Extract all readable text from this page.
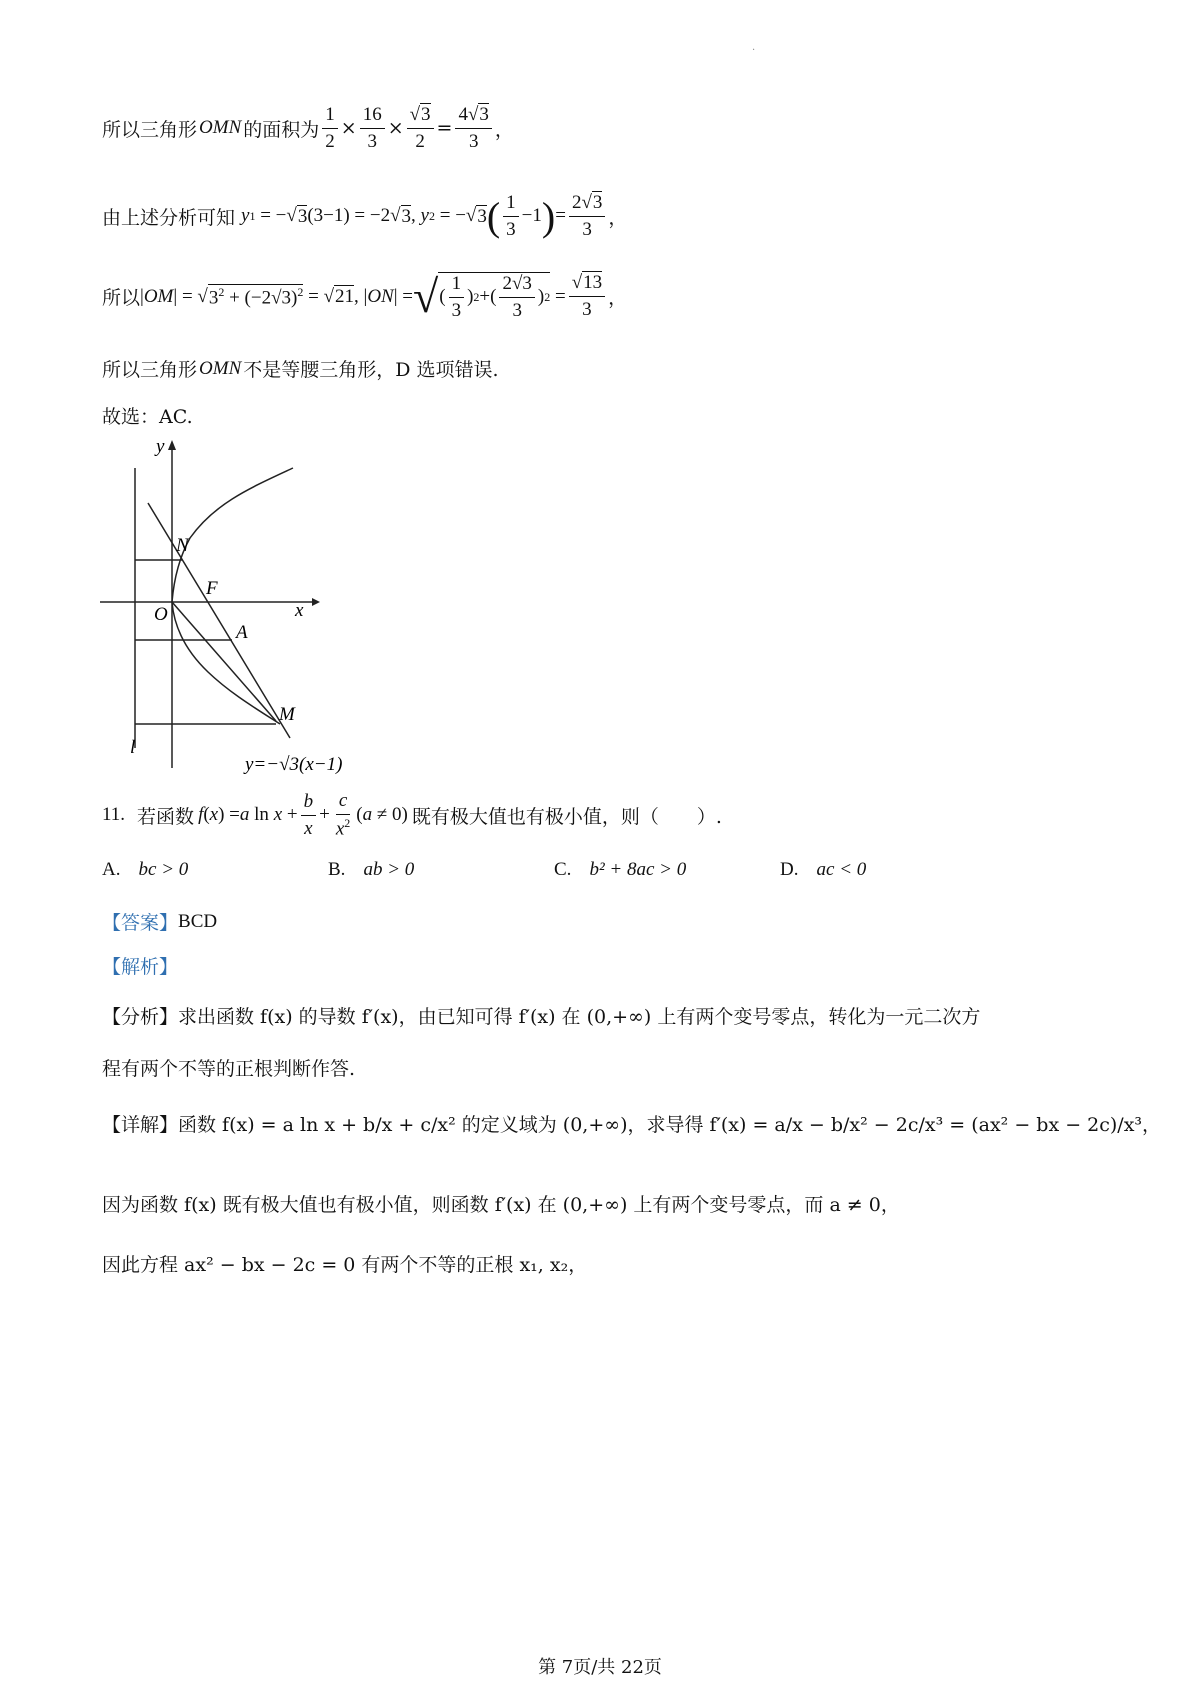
.
所以三角形 OMN 的面积为 $\frac{1}{2} \times \frac{16}{3} \times \frac{√3}{2} = \frac{4√3}{3}$ ，
由上述分析可知 y 1 = −√ 3 (3−1) = −2√ 3 , y 2 = −√ 3 ( $\frac{1}{3} -1$ ) = $\frac{2√3}{3}$ ，
所以 | OM | = √ $3^2 + (-2√3)^2$ = √ 21 , | ON | = √ ( $\frac{1}{3}$ ) 2 +( $\frac{2√3}{3}$ ) $2 = \frac{√13}{3}$ ，
所以三角形 OMN 不是等腰三角形，D 选项错误.
故选：AC.
y
x
O
N
F
A
M
l
y=−√3(x−1)
11. 若函数 f ( x ) = a $\ln x + \frac{b}{x} + \frac{c}{x^2}$ ( a ≠ 0) 既有极大值也有极小值，则（　　）.
A. bc > 0	B. ab > 0	C. b² + 8ac > 0	D. ac < 0
【答案】 BCD
【解析】
【分析】 求出函数 f(x) 的导数 f′(x)，由已知可得 f′(x) 在 (0,+∞) 上有两个变号零点，转化为一元二次方
程有两个不等的正根判断作答.
【详解】 函数 f(x) = a ln x + b/x + c/x² 的定义域为 (0,+∞)，求导得 f′(x) = a/x − b/x² − 2c/x³ = (ax² − bx − 2c)/x³，
因为函数 f(x) 既有极大值也有极小值，则函数 f′(x) 在 (0,+∞) 上有两个变号零点，而 a ≠ 0，
因此方程 ax² − bx − 2c = 0 有两个不等的正根 x₁, x₂，
第 7页/共 22页
